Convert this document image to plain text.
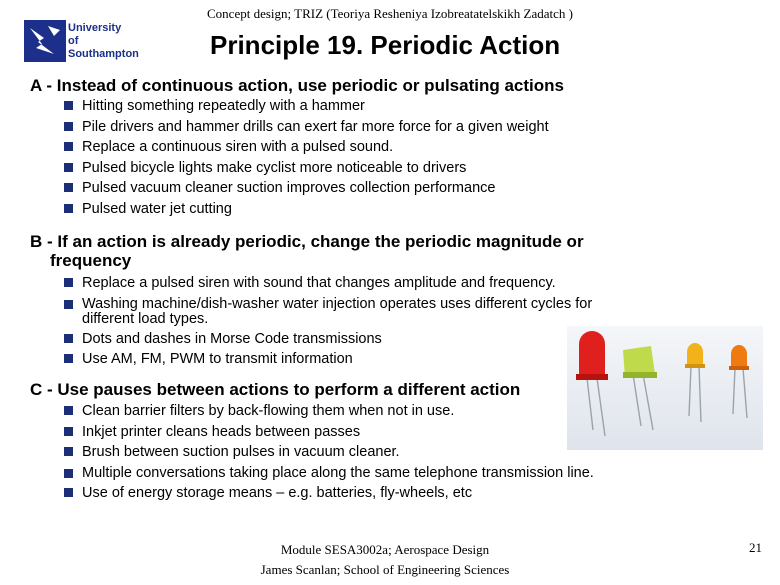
Concept design; TRIZ (Teoriya Resheniya Izobreatatelskikh Zadatch )
University
of Southampton	Principle 19. Periodic Action
A - Instead of continuous action, use periodic or pulsating actions
Hitting something repeatedly with a hammer
Pile drivers and hammer drills can exert far more force for a given weight
Replace a continuous siren with a pulsed sound.
Pulsed bicycle lights make cyclist more noticeable to drivers
Pulsed vacuum cleaner suction improves collection performance
Pulsed water jet cutting
B - If an action is already periodic, change the periodic magnitude or
frequency
Replace a pulsed siren with sound that changes amplitude and frequency.
Washing machine/dish-washer water injection operates uses different cycles for different load types.
Dots and dashes in Morse Code transmissions
Use AM, FM, PWM to transmit information
C - Use pauses between actions to perform a different action
Clean barrier filters by back-flowing them when not in use.
Inkjet printer cleans heads between passes
Brush between suction pulses in vacuum cleaner.
Multiple conversations taking place along the same telephone transmission line.
Use of energy storage means – e.g. batteries, fly-wheels, etc
Module SESA3002a; Aerospace Design
James Scanlan; School of Engineering Sciences
21
